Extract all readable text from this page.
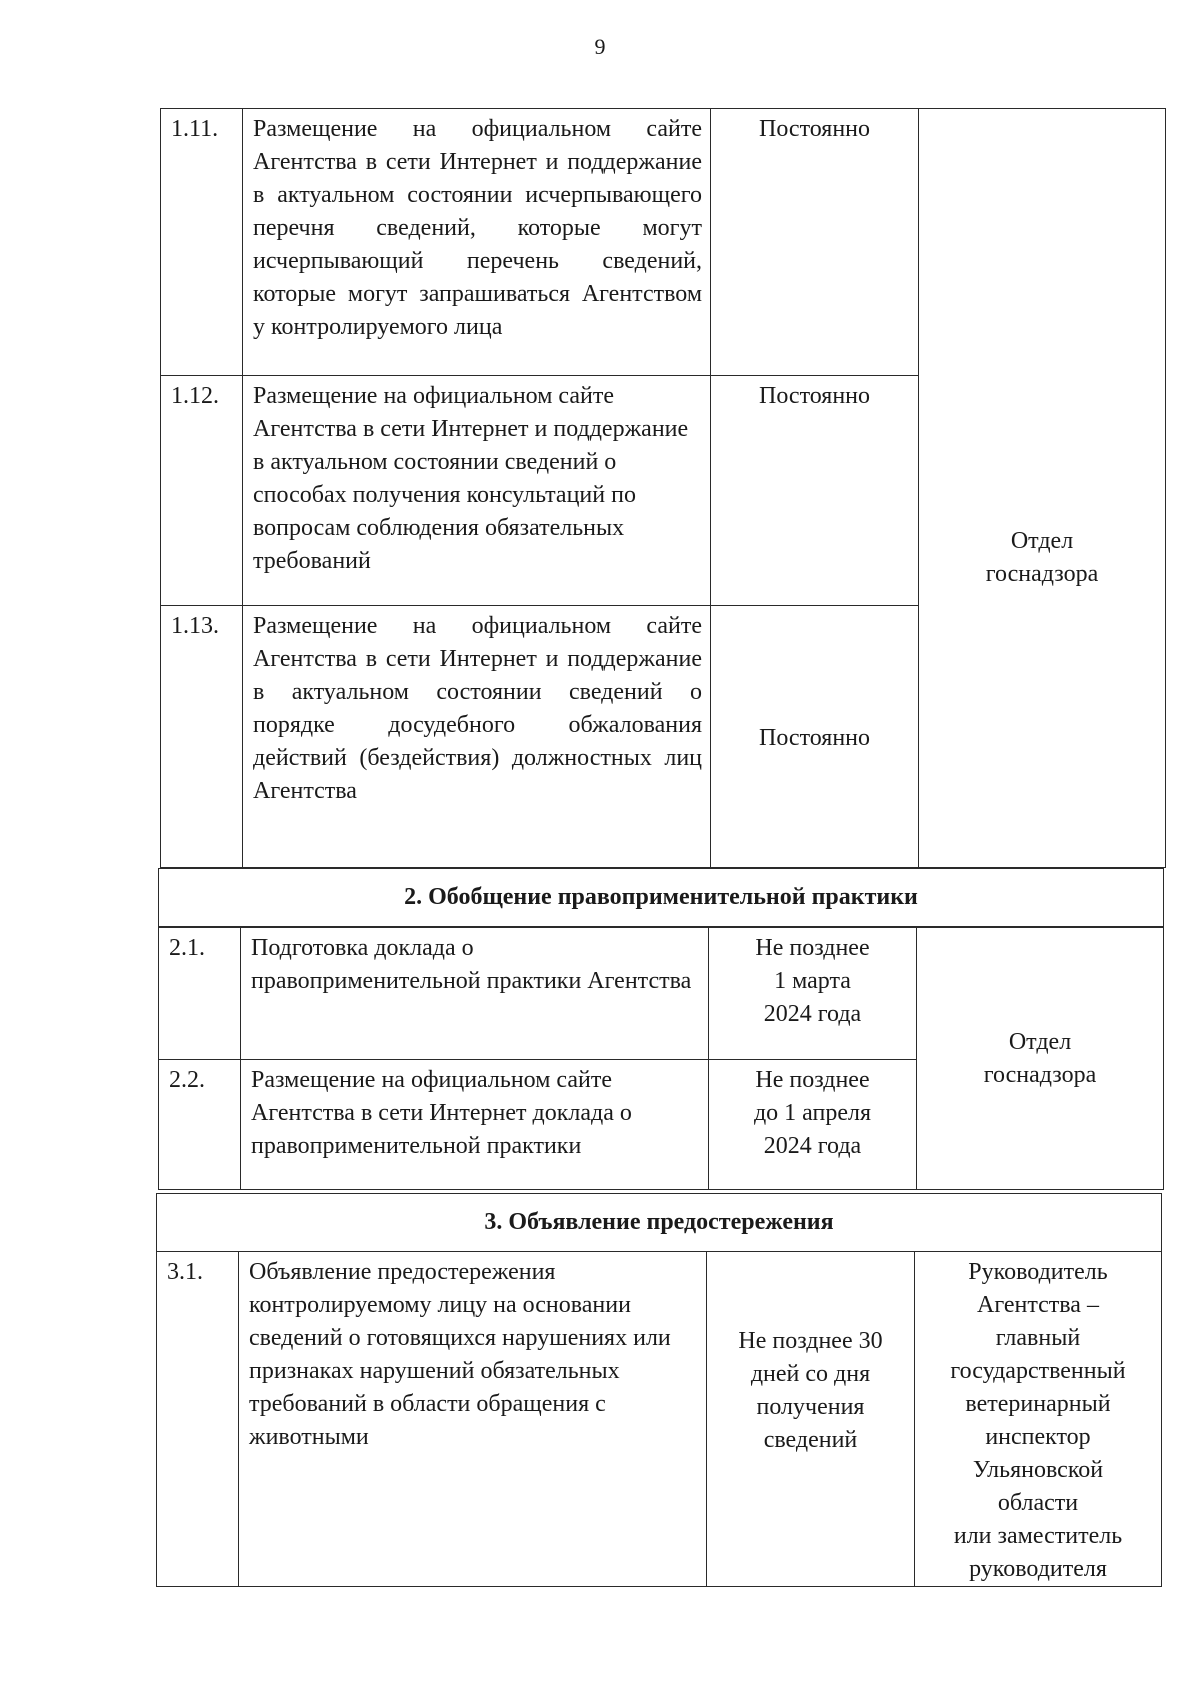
9
1.11.	Размещение на официальном сайте Агентства в сети Интернет и поддержание в актуальном состоянии исчерпывающего перечня сведений, которые могут исчерпывающий перечень сведений, которые могут запрашиваться Агентством у контролируемого лица	Постоянно	Отдел
госнадзора
1.12.	Размещение на официальном сайте Агентства в сети Интернет и поддержание в актуальном состоянии сведений о способах получения консультаций по вопросам соблюдения обязательных требований	Постоянно	
1.13.	Размещение на официальном сайте Агентства в сети Интернет и поддержание в актуальном состоянии сведений о порядке досудебного обжалования действий (бездействия) должностных лиц Агентства	Постоянно	
2. Обобщение правоприменительной практики			

2.1.	Подготовка доклада о правоприменительной практики Агентства	Не позднее
1 марта
2024 года	Отдел
госнадзора
2.2.	Размещение на официальном сайте Агентства в сети Интернет доклада о правоприменительной практики	Не позднее
до 1 апреля
2024 года	
3. Объявление предостережения
3.1.	Объявление предостережения контролируемому лицу на основании сведений о готовящихся нарушениях или признаках нарушений обязательных требований в области обращения с животными	Не позднее 30
дней со дня
получения
сведений	Руководитель
Агентства –
главный
государственный
ветеринарный
инспектор
Ульяновской
области
или заместитель
руководителя
